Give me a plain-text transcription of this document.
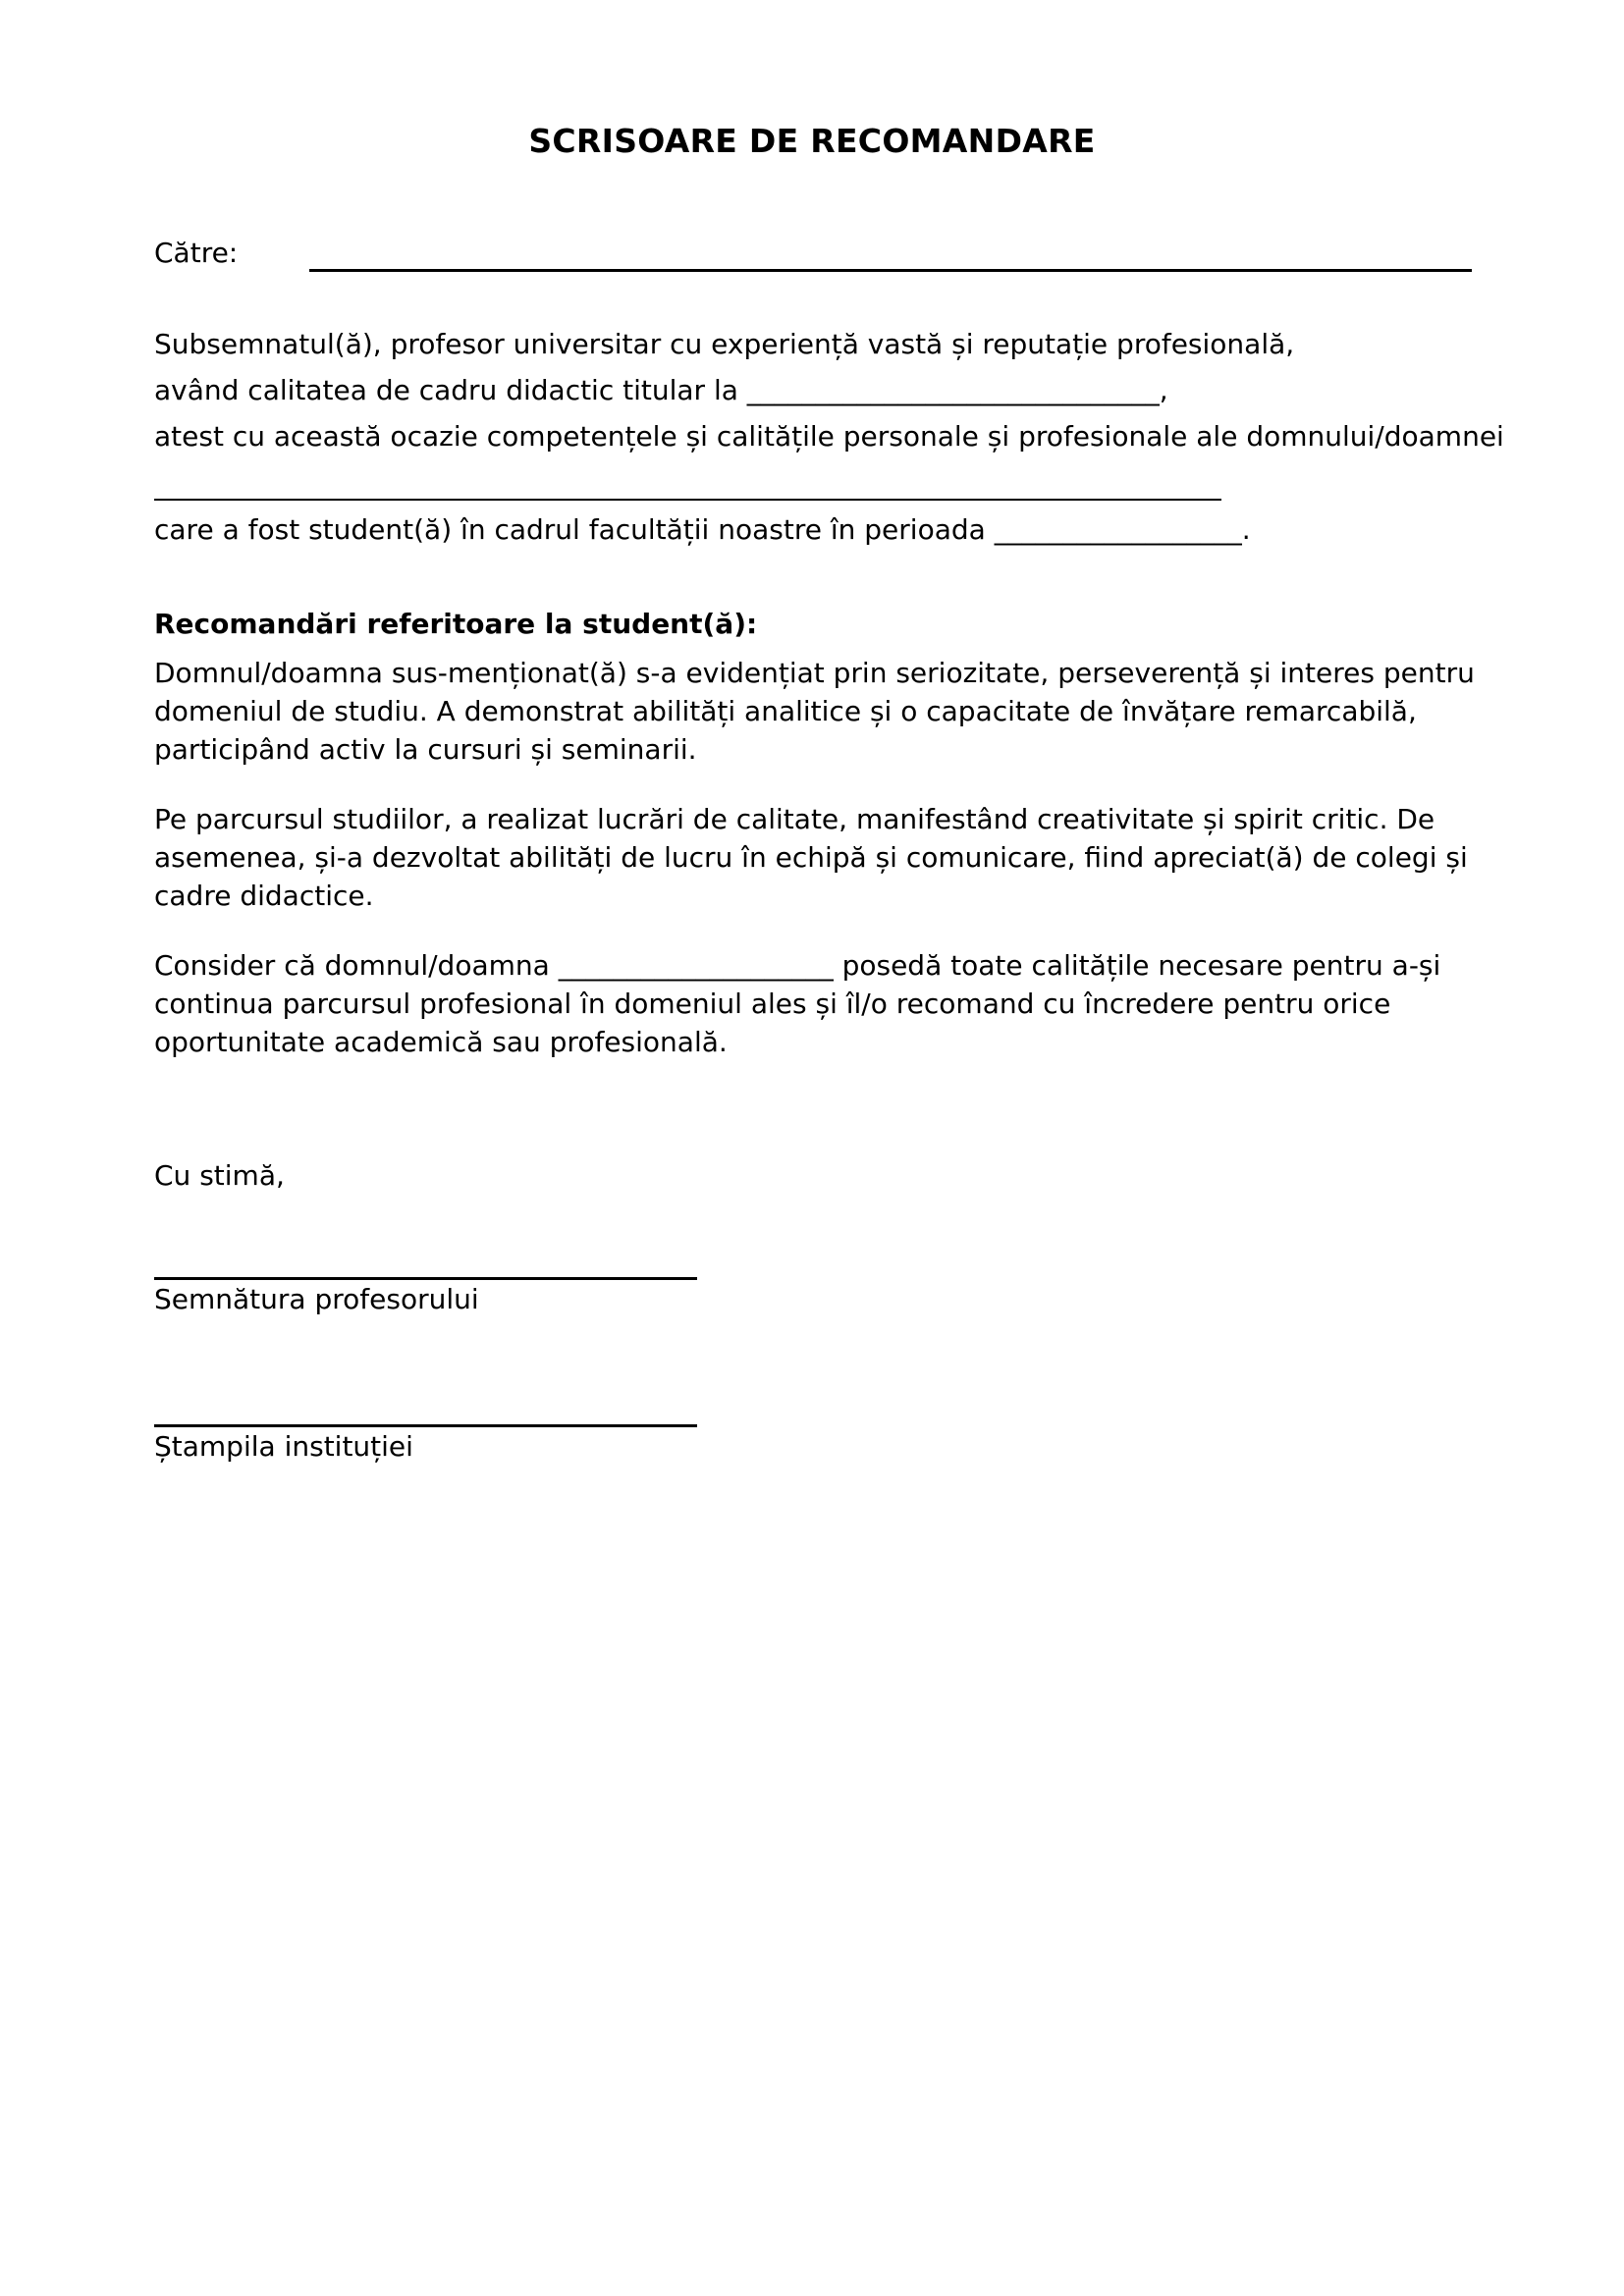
SCRISOARE DE RECOMANDARE
Către:
Subsemnatul(ă), profesor universitar cu experiență vastă și reputație profesională,
având calitatea de cadru didactic titular la ______________________________,
atest cu această ocazie competențele și calitățile personale și profesionale ale domnului/doamnei
care a fost student(ă) în cadrul facultății noastre în perioada __________________.
Recomandări referitoare la student(ă):
Domnul/doamna sus-menționat(ă) s-a evidențiat prin seriozitate, perseverență și interes pentru domeniul de studiu. A demonstrat abilități analitice și o capacitate de învățare remarcabilă, participând activ la cursuri și seminarii.
Pe parcursul studiilor, a realizat lucrări de calitate, manifestând creativitate și spirit critic. De asemenea, și-a dezvoltat abilități de lucru în echipă și comunicare, fiind apreciat(ă) de colegi și cadre didactice.
Consider că domnul/doamna ____________________ posedă toate calitățile necesare pentru a-și continua parcursul profesional în domeniul ales și îl/o recomand cu încredere pentru orice oportunitate academică sau profesională.
Cu stimă,
Semnătura profesorului
Ștampila instituției
